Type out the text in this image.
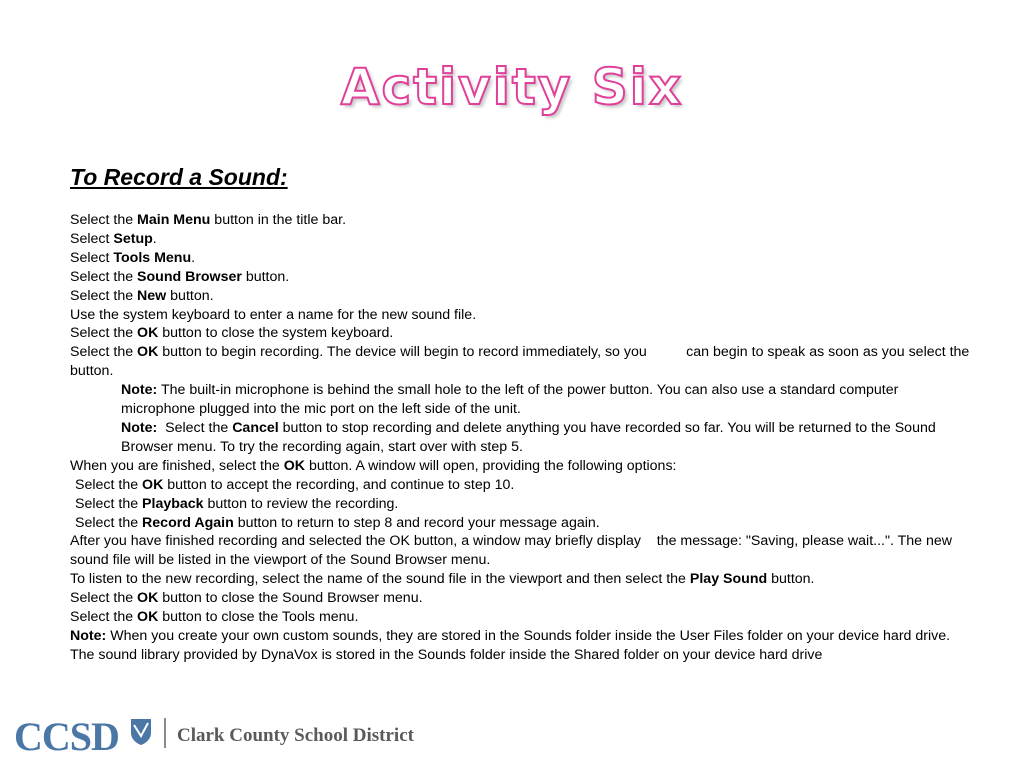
Activity Six
To Record a Sound:

Select the Main Menu button in the title bar.

Select Setup.

Select Tools Menu.

Select the Sound Browser button.

Select the New button.

Use the system keyboard to enter a name for the new sound file.

Select the OK button to close the system keyboard.

Select the OK button to begin recording. The device will begin to record immediately, so you          can begin to speak as soon as you select the button.

Note: The built-in microphone is behind the small hole to the left of the power button. You can also use a standard computer microphone plugged into the mic port on the left side of the unit.

Note:  Select the Cancel button to stop recording and delete anything you have recorded so far. You will be returned to the Sound Browser menu. To try the recording again, start over with step 5.

When you are finished, select the OK button. A window will open, providing the following options:

Select the OK button to accept the recording, and continue to step 10.

Select the Playback button to review the recording.

Select the Record Again button to return to step 8 and record your message again.

After you have finished recording and selected the OK button, a window may briefly display    the message: "Saving, please wait...". The new sound file will be listed in the viewport of the Sound Browser menu.

To listen to the new recording, select the name of the sound file in the viewport and then select the Play Sound button.

Select the OK button to close the Sound Browser menu.

Select the OK button to close the Tools menu.

Note: When you create your own custom sounds, they are stored in the Sounds folder inside the User Files folder on your device hard drive. The sound library provided by DynaVox is stored in the Sounds folder inside the Shared folder on your device hard drive

CCSD	Clark County School District
